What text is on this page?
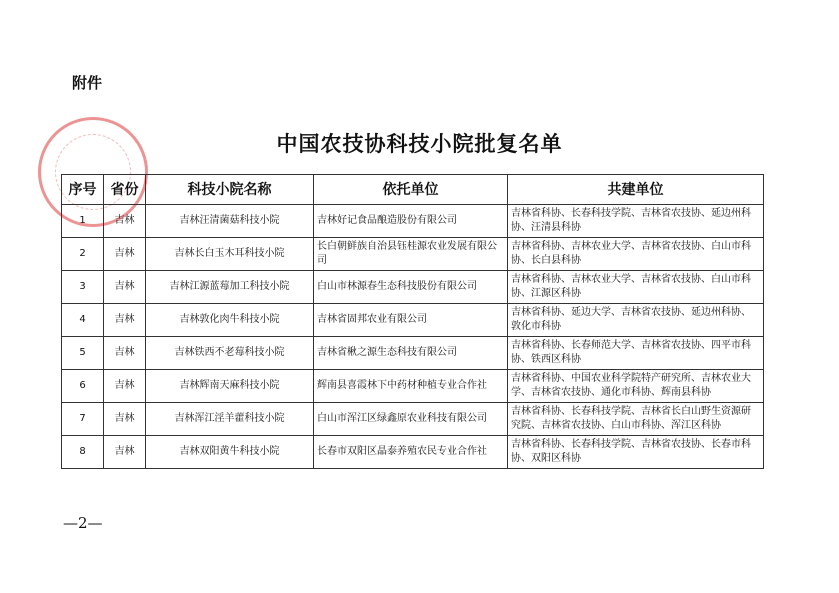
附件
中国农技协科技小院批复名单
序号	省份	科技小院名称	依托单位	共建单位
1	吉林	吉林汪清菌菇科技小院	吉林好记食品酿造股份有限公司	吉林省科协、长春科技学院、吉林省农技协、延边州科协、汪清县科协
2	吉林	吉林长白玉木耳科技小院	长白朝鲜族自治县钰桂源农业发展有限公司	吉林省科协、吉林农业大学、吉林省农技协、白山市科协、长白县科协
3	吉林	吉林江源蓝莓加工科技小院	白山市林源春生态科技股份有限公司	吉林省科协、吉林农业大学、吉林省农技协、白山市科协、江源区科协
4	吉林	吉林敦化肉牛科技小院	吉林省固邦农业有限公司	吉林省科协、延边大学、吉林省农技协、延边州科协、敦化市科协
5	吉林	吉林铁西不老莓科技小院	吉林省楸之源生态科技有限公司	吉林省科协、长春师范大学、吉林省农技协、四平市科协、铁西区科协
6	吉林	吉林辉南天麻科技小院	辉南县喜霞林下中药材种植专业合作社	吉林省科协、中国农业科学院特产研究所、吉林农业大学、吉林省农技协、通化市科协、辉南县科协
7	吉林	吉林浑江淫羊藿科技小院	白山市浑江区绿鑫原农业科技有限公司	吉林省科协、长春科技学院、吉林省长白山野生资源研究院、吉林省农技协、白山市科协、浑江区科协
8	吉林	吉林双阳黄牛科技小院	长春市双阳区晶泰养殖农民专业合作社	吉林省科协、长春科技学院、吉林省农技协、长春市科协、双阳区科协
—2—
